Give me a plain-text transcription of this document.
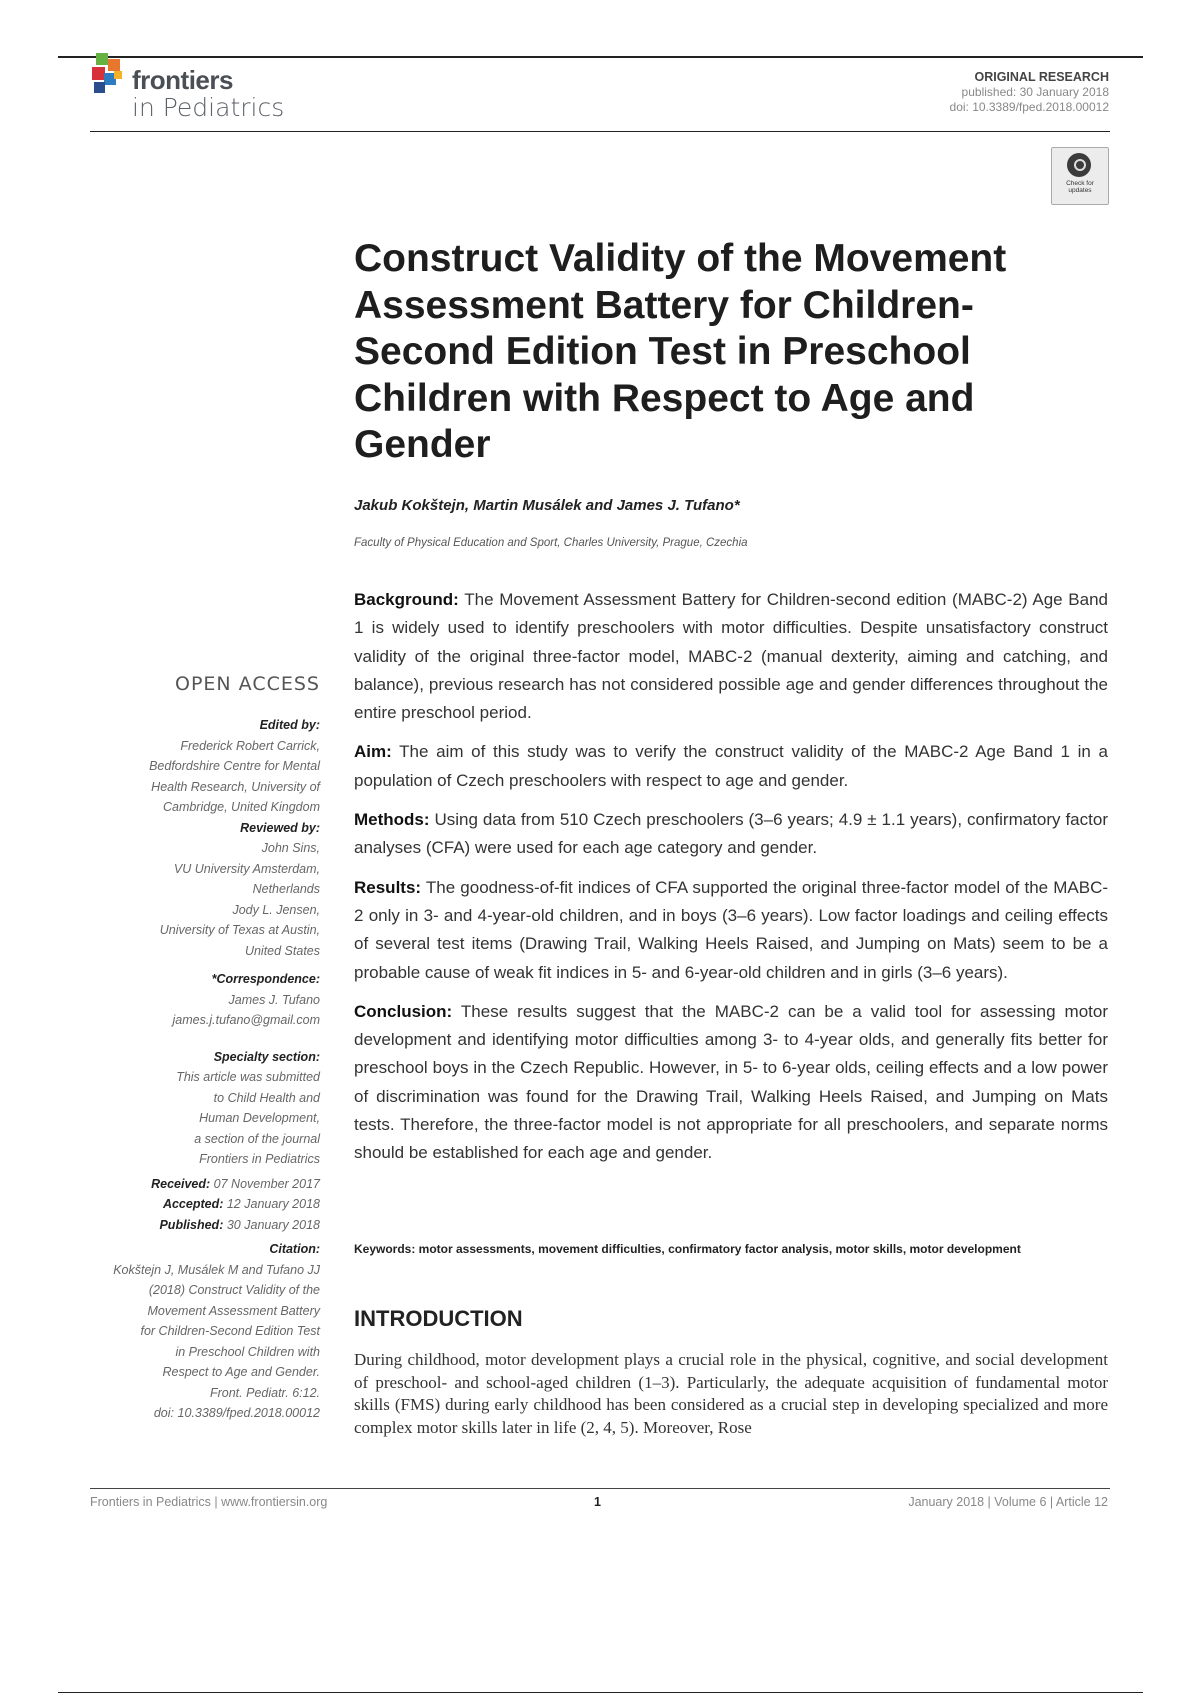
frontiers
in Pediatrics
ORIGINAL RESEARCH
published: 30 January 2018
doi: 10.3389/fped.2018.00012
Check for
updates
Construct Validity of the Movement Assessment Battery for Children-Second Edition Test in Preschool Children with Respect to Age and Gender
Jakub Kokštejn, Martin Musálek and James J. Tufano*
Faculty of Physical Education and Sport, Charles University, Prague, Czechia

Background: The Movement Assessment Battery for Children-second edition (MABC-2) Age Band 1 is widely used to identify preschoolers with motor difficulties. Despite unsatisfactory construct validity of the original three-factor model, MABC-2 (manual dexterity, aiming and catching, and balance), previous research has not considered possible age and gender differences throughout the entire preschool period.

Aim: The aim of this study was to verify the construct validity of the MABC-2 Age Band 1 in a population of Czech preschoolers with respect to age and gender.

Methods: Using data from 510 Czech preschoolers (3–6 years; 4.9 ± 1.1 years), confirmatory factor analyses (CFA) were used for each age category and gender.

Results: The goodness-of-fit indices of CFA supported the original three-factor model of the MABC-2 only in 3- and 4-year-old children, and in boys (3–6 years). Low factor loadings and ceiling effects of several test items (Drawing Trail, Walking Heels Raised, and Jumping on Mats) seem to be a probable cause of weak fit indices in 5- and 6-year-old children and in girls (3–6 years).

Conclusion: These results suggest that the MABC-2 can be a valid tool for assessing motor development and identifying motor difficulties among 3- to 4-year olds, and generally fits better for preschool boys in the Czech Republic. However, in 5- to 6-year olds, ceiling effects and a low power of discrimination was found for the Drawing Trail, Walking Heels Raised, and Jumping on Mats tests. Therefore, the three-factor model is not appropriate for all preschoolers, and separate norms should be established for each age and gender.

Keywords: motor assessments, movement difficulties, confirmatory factor analysis, motor skills, motor development
INTRODUCTION

During childhood, motor development plays a crucial role in the physical, cognitive, and social development of preschool- and school-aged children (1–3). Particularly, the adequate acquisition of fundamental motor skills (FMS) during early childhood has been considered as a crucial step in developing specialized and more complex motor skills later in life (2, 4, 5). Moreover, Rose

OPEN ACCESS
Edited by:
Frederick Robert Carrick,
Bedfordshire Centre for Mental
Health Research, University of
Cambridge, United Kingdom
Reviewed by:
John Sins,
VU University Amsterdam,
Netherlands
Jody L. Jensen,
University of Texas at Austin,
United States
*Correspondence:
James J. Tufano
james.j.tufano@gmail.com
Specialty section:
This article was submitted
to Child Health and
Human Development,
a section of the journal
Frontiers in Pediatrics
Received: 07 November 2017
Accepted: 12 January 2018
Published: 30 January 2018
Citation:
Kokštejn J, Musálek M and Tufano JJ
(2018) Construct Validity of the
Movement Assessment Battery
for Children-Second Edition Test
in Preschool Children with
Respect to Age and Gender.
Front. Pediatr. 6:12.
doi: 10.3389/fped.2018.00012
Frontiers in Pediatrics | www.frontiersin.org	1	January 2018 | Volume 6 | Article 12
